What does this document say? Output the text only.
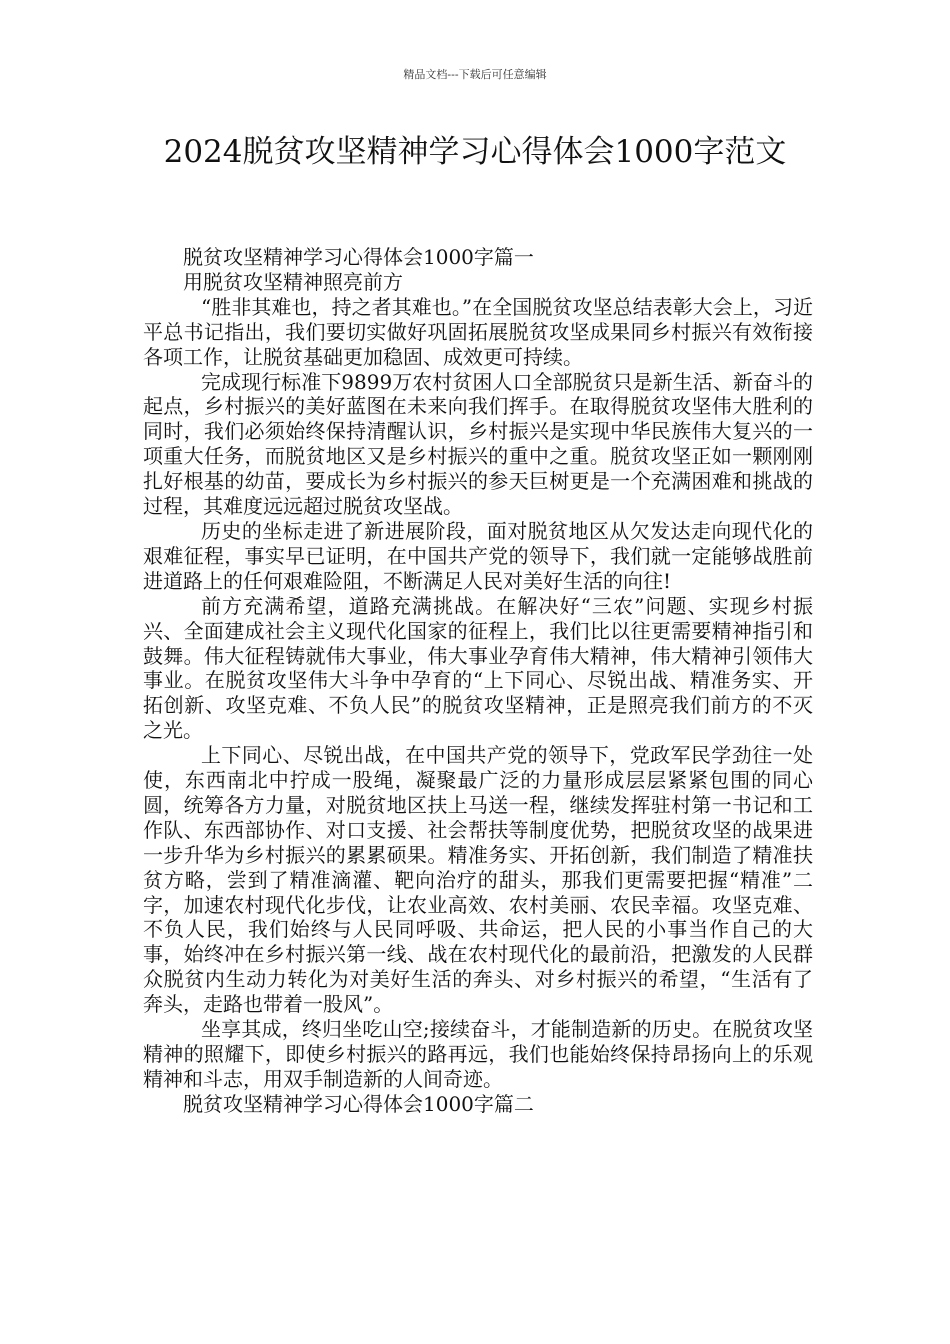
精品文档---下载后可任意编辑
2024脱贫攻坚精神学习心得体会1000字范文

脱贫攻坚精神学习心得体会1000字篇一

用脱贫攻坚精神照亮前方

“胜非其难也，持之者其难也。”在全国脱贫攻坚总结表彰大会上，习近平总书记指出，我们要切实做好巩固拓展脱贫攻坚成果同乡村振兴有效衔接各项工作，让脱贫基础更加稳固、成效更可持续。

完成现行标准下9899万农村贫困人口全部脱贫只是新生活、新奋斗的起点，乡村振兴的美好蓝图在未来向我们挥手。在取得脱贫攻坚伟大胜利的同时，我们必须始终保持清醒认识，乡村振兴是实现中华民族伟大复兴的一项重大任务，而脱贫地区又是乡村振兴的重中之重。脱贫攻坚正如一颗刚刚扎好根基的幼苗，要成长为乡村振兴的参天巨树更是一个充满困难和挑战的过程，其难度远远超过脱贫攻坚战。

历史的坐标走进了新进展阶段，面对脱贫地区从欠发达走向现代化的艰难征程，事实早已证明，在中国共产党的领导下，我们就一定能够战胜前进道路上的任何艰难险阻，不断满足人民对美好生活的向往!

前方充满希望，道路充满挑战。在解决好“三农”问题、实现乡村振兴、全面建成社会主义现代化国家的征程上，我们比以往更需要精神指引和鼓舞。伟大征程铸就伟大事业，伟大事业孕育伟大精神，伟大精神引领伟大事业。在脱贫攻坚伟大斗争中孕育的“上下同心、尽锐出战、精准务实、开拓创新、攻坚克难、不负人民”的脱贫攻坚精神，正是照亮我们前方的不灭之光。

上下同心、尽锐出战，在中国共产党的领导下，党政军民学劲往一处使，东西南北中拧成一股绳，凝聚最广泛的力量形成层层紧紧包围的同心圆，统筹各方力量，对脱贫地区扶上马送一程，继续发挥驻村第一书记和工作队、东西部协作、对口支援、社会帮扶等制度优势，把脱贫攻坚的战果进一步升华为乡村振兴的累累硕果。精准务实、开拓创新，我们制造了精准扶贫方略，尝到了精准滴灌、靶向治疗的甜头，那我们更需要把握“精准”二字，加速农村现代化步伐，让农业高效、农村美丽、农民幸福。攻坚克难、不负人民，我们始终与人民同呼吸、共命运，把人民的小事当作自己的大事，始终冲在乡村振兴第一线、战在农村现代化的最前沿，把激发的人民群众脱贫内生动力转化为对美好生活的奔头、对乡村振兴的希望，“生活有了奔头，走路也带着一股风”。

坐享其成，终归坐吃山空;接续奋斗，才能制造新的历史。在脱贫攻坚精神的照耀下，即使乡村振兴的路再远，我们也能始终保持昂扬向上的乐观精神和斗志，用双手制造新的人间奇迹。

脱贫攻坚精神学习心得体会1000字篇二
